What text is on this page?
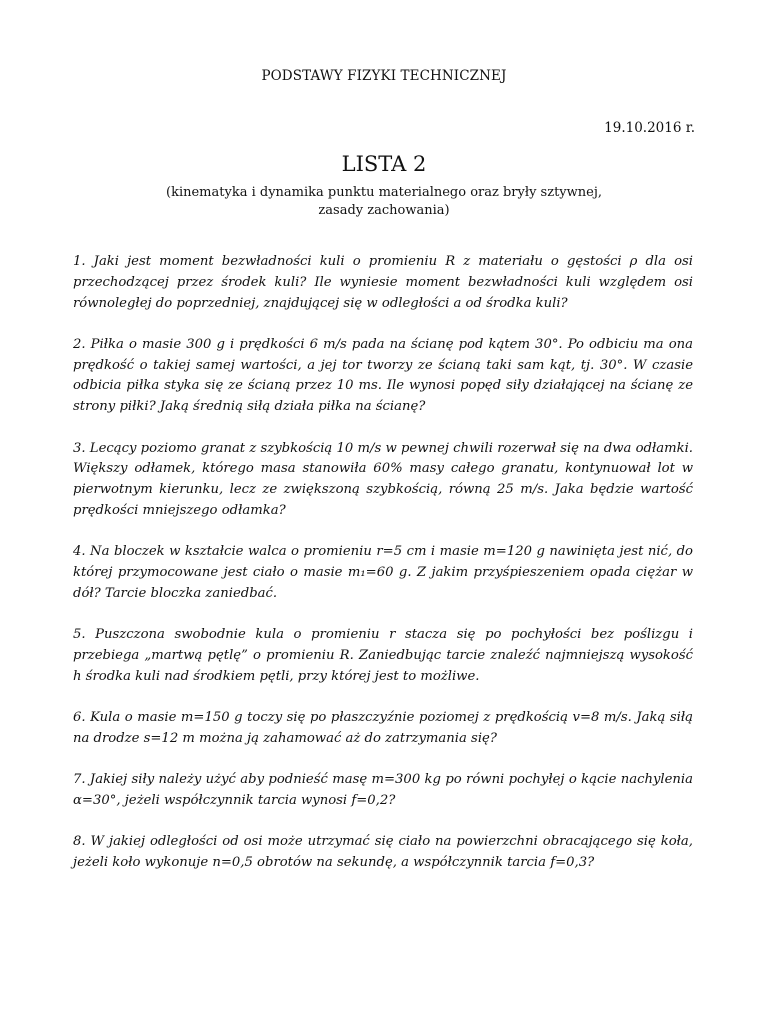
PODSTAWY FIZYKI TECHNICZNEJ
19.10.2016 r.
LISTA 2
(kinematyka i dynamika punktu materialnego oraz bryły sztywnej,
zasady zachowania)

1. Jaki jest moment bezwładności kuli o promieniu R z materiału o gęstości ρ dla osi przechodzącej przez środek kuli? Ile wyniesie moment bezwładności kuli względem osi równoległej do poprzedniej, znajdującej się w odległości a od środka kuli?

2. Piłka o masie 300 g i prędkości 6 m/s pada na ścianę pod kątem 30°. Po odbiciu ma ona prędkość o takiej samej wartości, a jej tor tworzy ze ścianą taki sam kąt, tj. 30°. W czasie odbicia piłka styka się ze ścianą przez 10 ms. Ile wynosi popęd siły działającej na ścianę ze strony piłki? Jaką średnią siłą działa piłka na ścianę?

3. Lecący poziomo granat z szybkością 10 m/s w pewnej chwili rozerwał się na dwa odłamki. Większy odłamek, którego masa stanowiła 60% masy całego granatu, kontynuował lot w pierwotnym kierunku, lecz ze zwiększoną szybkością, równą 25 m/s. Jaka będzie wartość prędkości mniejszego odłamka?

4. Na bloczek w kształcie walca o promieniu r=5 cm i masie m=120 g nawinięta jest nić, do której przymocowane jest ciało o masie m₁=60 g. Z jakim przyśpieszeniem opada ciężar w dół? Tarcie bloczka zaniedbać.

5. Puszczona swobodnie kula o promieniu r stacza się po pochyłości bez poślizgu i przebiega „martwą pętlę” o promieniu R. Zaniedbując tarcie znaleźć najmniejszą wysokość h środka kuli nad środkiem pętli, przy której jest to możliwe.

6. Kula o masie m=150 g toczy się po płaszczyźnie poziomej z prędkością v=8 m/s. Jaką siłą na drodze s=12 m można ją zahamować aż do zatrzymania się?

7. Jakiej siły należy użyć aby podnieść masę m=300 kg po równi pochyłej o kącie nachylenia α=30°, jeżeli współczynnik tarcia wynosi f=0,2?

8. W jakiej odległości od osi może utrzymać się ciało na powierzchni obracającego się koła, jeżeli koło wykonuje n=0,5 obrotów na sekundę, a współczynnik tarcia f=0,3?
